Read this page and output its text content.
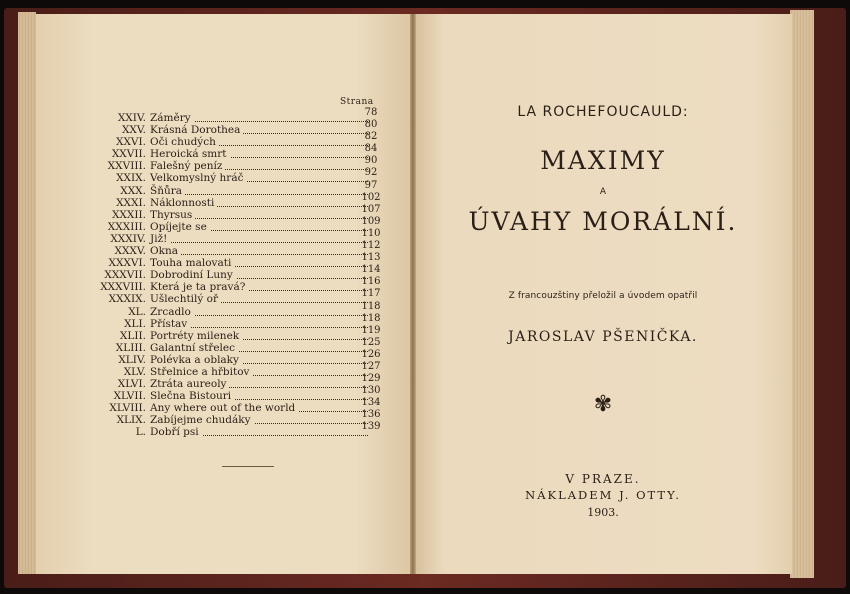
Strana
XXIV. Záměry	78
XXV. Krásná Dorothea	80
XXVI. Oči chudých	82
XXVII. Heroická smrt	84
XXVIII. Falešný peníz	90
XXIX. Velkomyslný hráč	92
XXX. Šňůra	97
XXXI. Náklonnosti	102
XXXII. Thyrsus	107
XXXIII. Opíjejte se	109
XXXIV. Již!	110
XXXV. Okna	112
XXXVI. Touha malovati	113
XXXVII. Dobrodiní Luny	114
XXXVIII. Která je ta pravá?	116
XXXIX. Ušlechtilý oř	117
XL. Zrcadlo	118
XLI. Přístav	118
XLII. Portréty milenek	119
XLIII. Galantní střelec	125
XLIV. Polévka a oblaky	126
XLV. Střelnice a hřbitov	127
XLVI. Ztráta aureoly	129
XLVII. Slečna Bistouri	130
XLVIII. Any where out of the world	134
XLIX. Zabíjejme chudáky	136
L. Dobří psi	139
LA ROCHEFOUCAULD:
MAXIMY
A
ÚVAHY MORÁLNÍ.
Z francouzštiny přeložil a úvodem opatřil
JAROSLAV PŠENIČKA.
✾
V PRAZE.
NÁKLADEM J. OTTY.
1903.
